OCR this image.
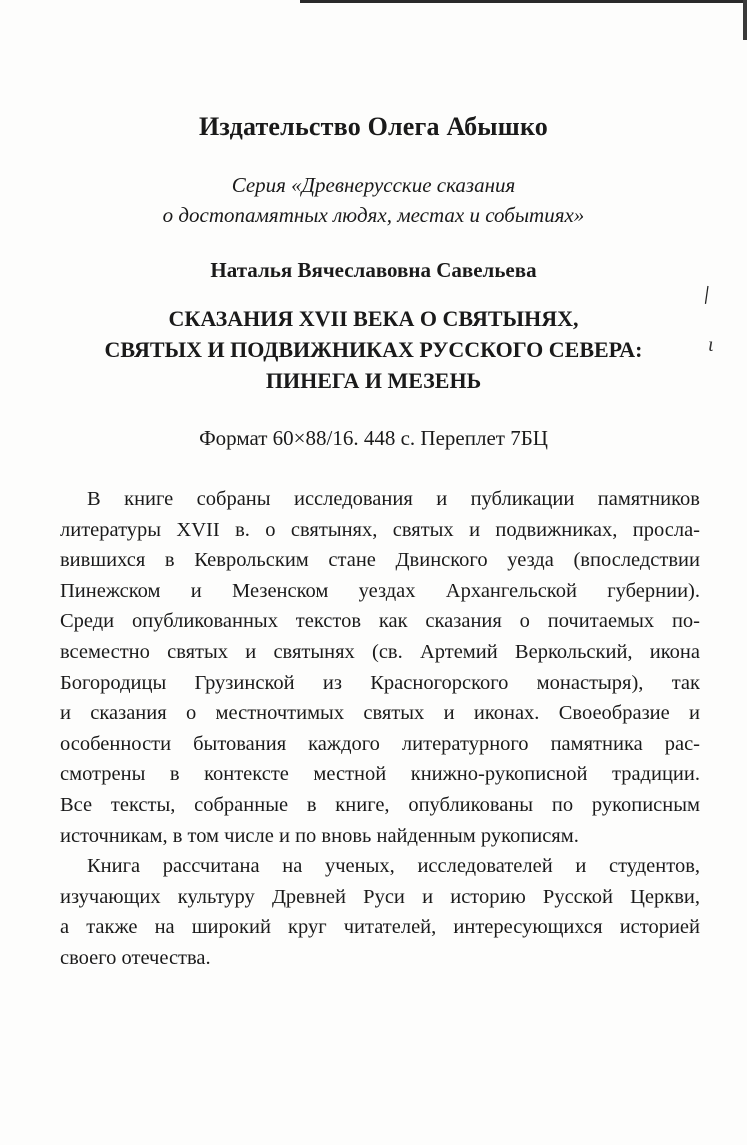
Издательство Олега Абышко
Серия «Древнерусские сказания
о достопамятных людях, местах и событиях»
Наталья Вячеславовна Савельева
СКАЗАНИЯ XVII ВЕКА О СВЯТЫНЯХ,
СВЯТЫХ И ПОДВИЖНИКАХ РУССКОГО СЕВЕРА:
ПИНЕГА И МЕЗЕНЬ
Формат 60×88/16. 448 с. Переплет 7БЦ
В книге собраны исследования и публикации памятников
литературы XVII в. о святынях, святых и подвижниках, просла-
вившихся в Кеврольским стане Двинского уезда (впоследствии
Пинежском и Мезенском уездах Архангельской губернии).
Среди опубликованных текстов как сказания о почитаемых по-
всеместно святых и святынях (св. Артемий Веркольский, икона
Богородицы Грузинской из Красногорского монастыря), так
и сказания о местночтимых святых и иконах. Своеобразие и
особенности бытования каждого литературного памятника рас-
смотрены в контексте местной книжно-рукописной традиции.
Все тексты, собранные в книге, опубликованы по рукописным
источникам, в том числе и по вновь найденным рукописям.
Книга рассчитана на ученых, исследователей и студентов,
изучающих культуру Древней Руси и историю Русской Церкви,
а также на широкий круг читателей, интересующихся историей
своего отечества.
ǀ
ι
